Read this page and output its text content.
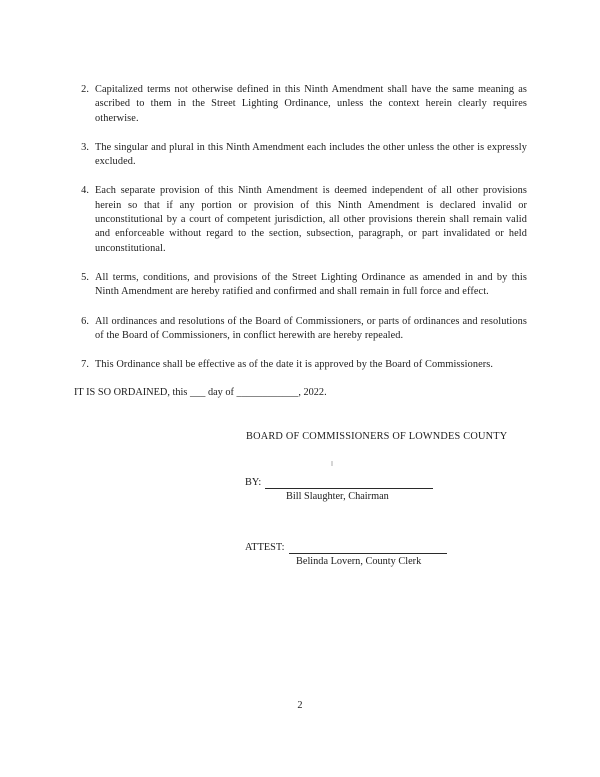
2. Capitalized terms not otherwise defined in this Ninth Amendment shall have the same meaning as ascribed to them in the Street Lighting Ordinance, unless the context herein clearly requires otherwise.
3. The singular and plural in this Ninth Amendment each includes the other unless the other is expressly excluded.
4. Each separate provision of this Ninth Amendment is deemed independent of all other provisions herein so that if any portion or provision of this Ninth Amendment is declared invalid or unconstitutional by a court of competent jurisdiction, all other provisions therein shall remain valid and enforceable without regard to the section, subsection, paragraph, or part invalidated or held unconstitutional.
5. All terms, conditions, and provisions of the Street Lighting Ordinance as amended in and by this Ninth Amendment are hereby ratified and confirmed and shall remain in full force and effect.
6. All ordinances and resolutions of the Board of Commissioners, or parts of ordinances and resolutions of the Board of Commissioners, in conflict herewith are hereby repealed.
7. This Ordinance shall be effective as of the date it is approved by the Board of Commissioners.
IT IS SO ORDAINED, this ___ day of ____________, 2022.
BOARD OF COMMISSIONERS OF LOWNDES COUNTY
BY:
Bill Slaughter, Chairman
ATTEST:
Belinda Lovern, County Clerk
2
